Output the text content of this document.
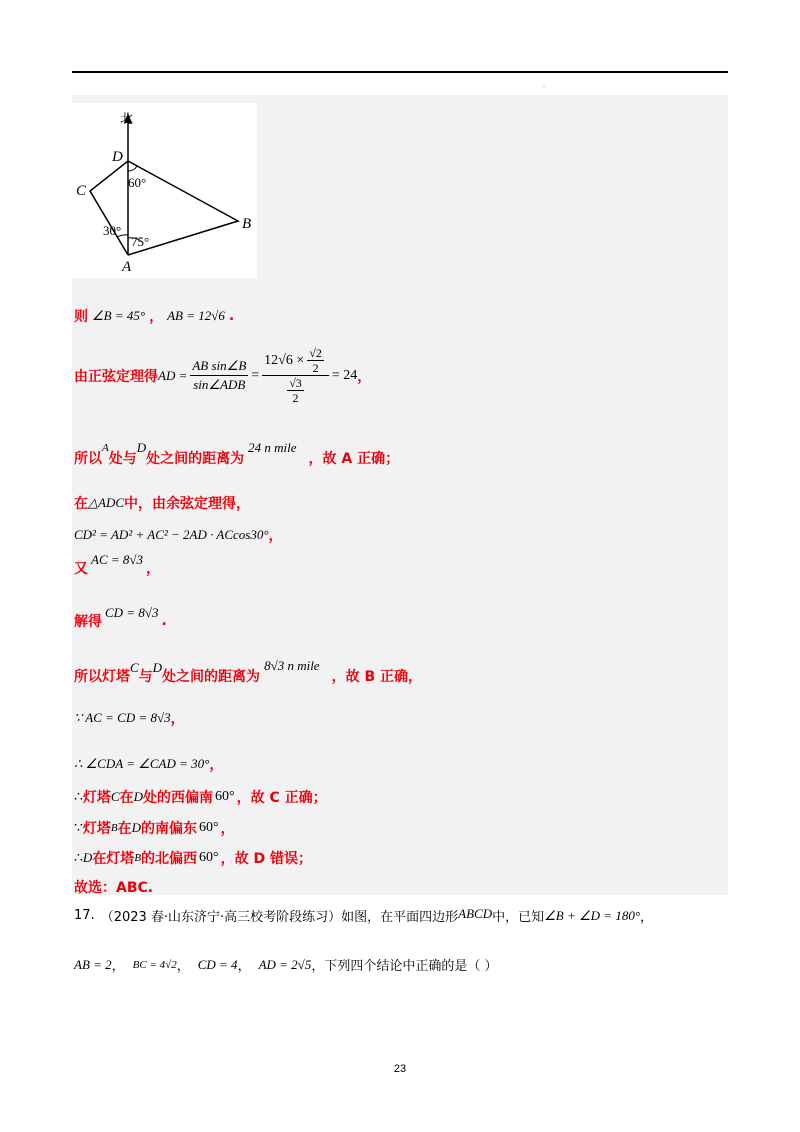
.
北
D
C
B
A
60°
30°
75°
则 ∠B = 45° ， AB = 12√6 .
由正弦定理得 AD = $\frac{\text{AB sin∠B}}{\text{sin∠ADB}} = \frac{12√6 \times \frac{√2}{2}}{\frac{√3}{2}} = 24$ ，
所以
A
处与
D
处之间的距离为
24 n mile
，故 A 正确；
在 △ADC 中，由余弦定理得，
CD² = AD² + AC² − 2AD · ACcos30° ，
又
AC = 8√3
，
解得
CD = 8√3
.
所以灯塔
C
与
D
处之间的距离为
8√3 n mile
，故 B 正确，
∵ AC = CD = 8√3 ，
∴ ∠CDA = ∠CAD = 30° ，
∴ 灯塔 C 在 D 处的西偏南 60° ，故 C 正确；
∵ 灯塔 B 在 D 的南偏东 60° ，
∴ D 在灯塔 B 的北偏西 60° ，故 D 错误；
故选：ABC.
17. （2023 春·山东济宁·高三校考阶段练习）如图，在平面四边形 ABCD 中，已知 ∠B + ∠D = 180° ，
AB = 2 ， BC = 4√2 ， CD = 4 ， AD = 2√5 ，下列四个结论中正确的是（ ）
23
